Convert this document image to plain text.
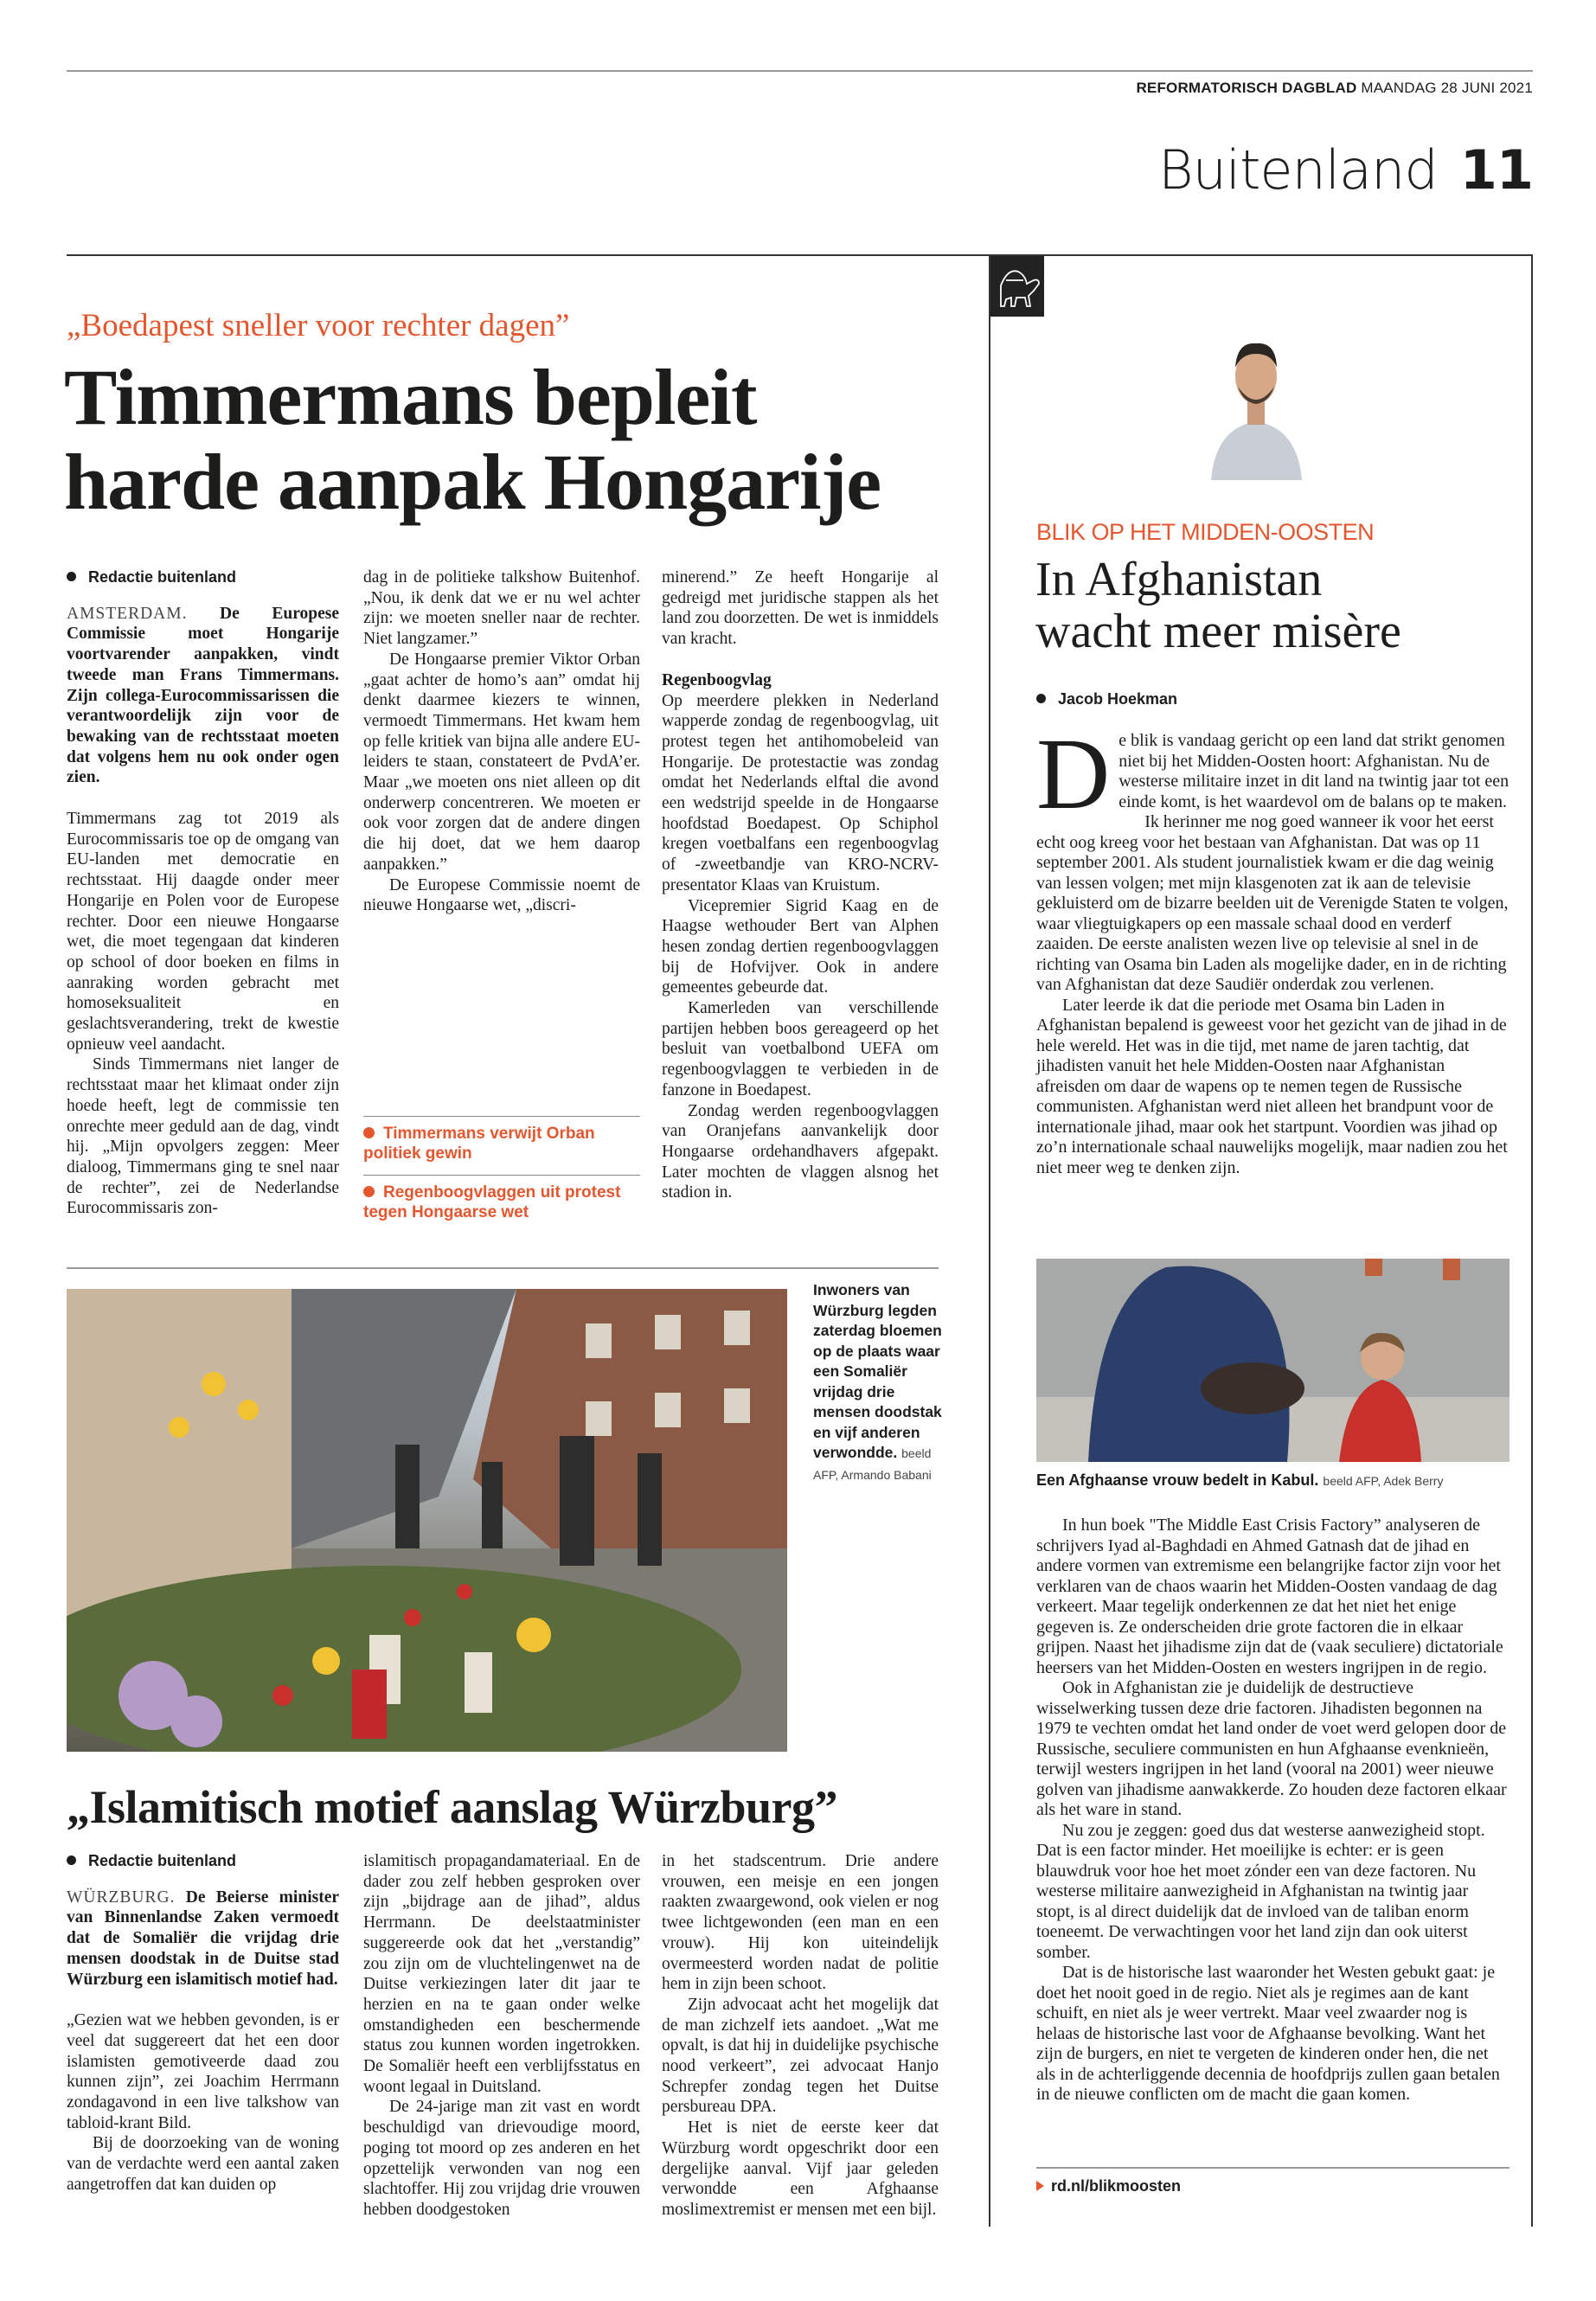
REFORMATORISCH DAGBLAD MAANDAG 28 JUNI 2021
Buitenland 11
„Boedapest sneller voor rechter dagen”
Timmermans bepleit
harde aanpak Hongarije
Redactie buitenland

AMSTERDAM. De Europese Commissie moet Hongarije voortvarender aanpakken, vindt tweede man Frans Timmermans. Zijn collega-Eurocommissarissen die verantwoordelijk zijn voor de bewaking van de rechtsstaat moeten dat volgens hem nu ook onder ogen zien.

Timmermans zag tot 2019 als Eurocommissaris toe op de omgang van EU-landen met democratie en rechtsstaat. Hij daagde onder meer Hongarije en Polen voor de Europese rechter. Door een nieuwe Hongaarse wet, die moet tegengaan dat kinderen op school of door boeken en films in aanraking worden gebracht met homoseksualiteit en geslachtsverandering, trekt de kwestie opnieuw veel aandacht.

Sinds Timmermans niet langer de rechtsstaat maar het klimaat onder zijn hoede heeft, legt de commissie ten onrechte meer geduld aan de dag, vindt hij. „Mijn opvolgers zeggen: Meer dialoog, Timmermans ging te snel naar de rechter”, zei de Nederlandse Eurocommissaris zon-

dag in de politieke talkshow Buitenhof. „Nou, ik denk dat we er nu wel achter zijn: we moeten sneller naar de rechter. Niet langzamer.”

De Hongaarse premier Viktor Orban „gaat achter de homo’s aan” omdat hij denkt daarmee kiezers te winnen, vermoedt Timmermans. Het kwam hem op felle kritiek van bijna alle andere EU-leiders te staan, constateert de PvdA’er. Maar „we moeten ons niet alleen op dit onderwerp concentreren. We moeten er ook voor zorgen dat de andere dingen die hij doet, dat we hem daarop aanpakken.”

De Europese Commissie noemt de nieuwe Hongaarse wet, „discri-

Timmermans verwijt Orban politiek gewin
Regenboogvlaggen uit protest tegen Hongaarse wet

minerend.” Ze heeft Hongarije al gedreigd met juridische stappen als het land zou doorzetten. De wet is inmiddels van kracht.

Regenboogvlag

Op meerdere plekken in Nederland wapperde zondag de regenboogvlag, uit protest tegen het antihomobeleid van Hongarije. De protestactie was zondag omdat het Nederlands elftal die avond een wedstrijd speelde in de Hongaarse hoofdstad Boedapest. Op Schiphol kregen voetbalfans een regenboogvlag of -zweetbandje van KRO-NCRV-presentator Klaas van Kruistum.

Vicepremier Sigrid Kaag en de Haagse wethouder Bert van Alphen hesen zondag dertien regenboogvlaggen bij de Hofvijver. Ook in andere gemeentes gebeurde dat.

Kamerleden van verschillende partijen hebben boos gereageerd op het besluit van voetbalbond UEFA om regenboogvlaggen te verbieden in de fanzone in Boedapest.

Zondag werden regenboogvlaggen van Oranjefans aanvankelijk door Hongaarse ordehandhavers afgepakt. Later mochten de vlaggen alsnog het stadion in.

Inwoners van Würzburg legden zaterdag bloemen op de plaats waar een Somaliër vrijdag drie mensen doodstak en vijf anderen verwondde. beeld AFP, Armando Babani
„Islamitisch motief aanslag Würzburg”
Redactie buitenland

WÜRZBURG. De Beierse minister van Binnenlandse Zaken vermoedt dat de Somaliër die vrijdag drie mensen doodstak in de Duitse stad Würzburg een islamitisch motief had.

„Gezien wat we hebben gevonden, is er veel dat suggereert dat het een door islamisten gemotiveerde daad zou kunnen zijn”, zei Joachim Herrmann zondagavond in een live talkshow van tabloid-krant Bild.

Bij de doorzoeking van de woning van de verdachte werd een aantal zaken aangetroffen dat kan duiden op

islamitisch propagandamateriaal. En de dader zou zelf hebben gesproken over zijn „bijdrage aan de jihad”, aldus Herrmann. De deelstaatminister suggereerde ook dat het „verstandig” zou zijn om de vluchtelingenwet na de Duitse verkiezingen later dit jaar te herzien en na te gaan onder welke omstandigheden een beschermende status zou kunnen worden ingetrokken. De Somaliër heeft een verblijfsstatus en woont legaal in Duitsland.

De 24-jarige man zit vast en wordt beschuldigd van drievoudige moord, poging tot moord op zes anderen en het opzettelijk verwonden van nog een slachtoffer. Hij zou vrijdag drie vrouwen hebben doodgestoken

in het stadscentrum. Drie andere vrouwen, een meisje en een jongen raakten zwaargewond, ook vielen er nog twee lichtgewonden (een man en een vrouw). Hij kon uiteindelijk overmeesterd worden nadat de politie hem in zijn been schoot.

Zijn advocaat acht het mogelijk dat de man zichzelf iets aandoet. „Wat me opvalt, is dat hij in duidelijke psychische nood verkeert”, zei advocaat Hanjo Schrepfer zondag tegen het Duitse persbureau DPA.

Het is niet de eerste keer dat Würzburg wordt opgeschrikt door een dergelijke aanval. Vijf jaar geleden verwondde een Afghaanse moslimextremist er mensen met een bijl.

BLIK OP HET MIDDEN-OOSTEN
In Afghanistan
wacht meer misère
Jacob Hoekman

De blik is vandaag gericht op een land dat strikt genomen niet bij het Midden-Oosten hoort: Afghanistan. Nu de westerse militaire inzet in dit land na twintig jaar tot een einde komt, is het waardevol om de balans op te maken.

Ik herinner me nog goed wanneer ik voor het eerst echt oog kreeg voor het bestaan van Afghanistan. Dat was op 11 september 2001. Als student journalistiek kwam er die dag weinig van lessen volgen; met mijn klasgenoten zat ik aan de televisie gekluisterd om de bizarre beelden uit de Verenigde Staten te volgen, waar vliegtuigkapers op een massale schaal dood en verderf zaaiden. De eerste analisten wezen live op televisie al snel in de richting van Osama bin Laden als mogelijke dader, en in de richting van Afghanistan dat deze Saudiër onderdak zou verlenen.

Later leerde ik dat die periode met Osama bin Laden in Afghanistan bepalend is geweest voor het gezicht van de jihad in de hele wereld. Het was in die tijd, met name de jaren tachtig, dat jihadisten vanuit het hele Midden-Oosten naar Afghanistan afreisden om daar de wapens op te nemen tegen de Russische communisten. Afghanistan werd niet alleen het brandpunt voor de internationale jihad, maar ook het startpunt. Voordien was jihad op zo’n internationale schaal nauwelijks mogelijk, maar nadien zou het niet meer weg te denken zijn.

Een Afghaanse vrouw bedelt in Kabul. beeld AFP, Adek Berry

In hun boek "The Middle East Crisis Factory” analyseren de schrijvers Iyad al-Baghdadi en Ahmed Gatnash dat de jihad en andere vormen van extremisme een belangrijke factor zijn voor het verklaren van de chaos waarin het Midden-Oosten vandaag de dag verkeert. Maar tegelijk onderkennen ze dat het niet het enige gegeven is. Ze onderscheiden drie grote factoren die in elkaar grijpen. Naast het jihadisme zijn dat de (vaak seculiere) dictatoriale heersers van het Midden-Oosten en westers ingrijpen in de regio.

Ook in Afghanistan zie je duidelijk de destructieve wisselwerking tussen deze drie factoren. Jihadisten begonnen na 1979 te vechten omdat het land onder de voet werd gelopen door de Russische, seculiere communisten en hun Afghaanse evenknieën, terwijl westers ingrijpen in het land (vooral na 2001) weer nieuwe golven van jihadisme aanwakkerde. Zo houden deze factoren elkaar als het ware in stand.

Nu zou je zeggen: goed dus dat westerse aanwezigheid stopt. Dat is een factor minder. Het moeilijke is echter: er is geen blauwdruk voor hoe het moet zónder een van deze factoren. Nu westerse militaire aanwezigheid in Afghanistan na twintig jaar stopt, is al direct duidelijk dat de invloed van de taliban enorm toeneemt. De verwachtingen voor het land zijn dan ook uiterst somber.

Dat is de historische last waaronder het Westen gebukt gaat: je doet het nooit goed in de regio. Niet als je regimes aan de kant schuift, en niet als je weer vertrekt. Maar veel zwaarder nog is helaas de historische last voor de Afghaanse bevolking. Want het zijn de burgers, en niet te vergeten de kinderen onder hen, die net als in de achterliggende decennia de hoofdprijs zullen gaan betalen in de nieuwe conflicten om de macht die gaan komen.

rd.nl/blikmoosten
